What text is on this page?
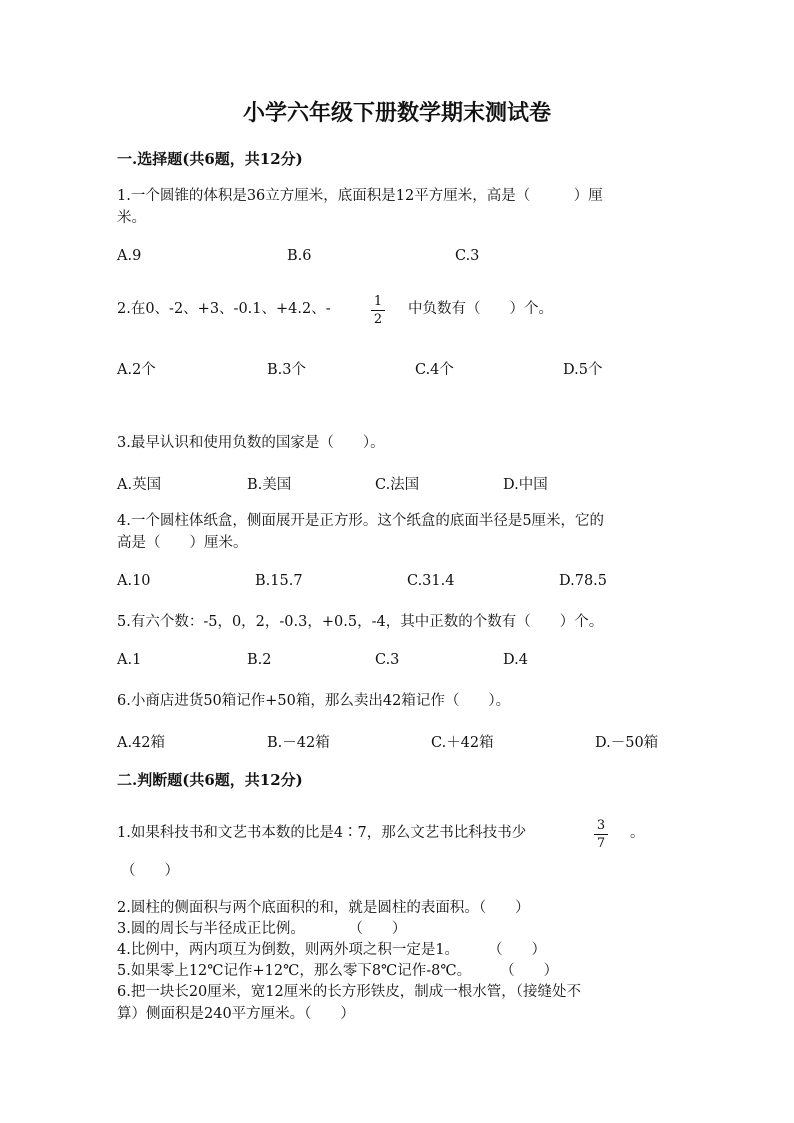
小学六年级下册数学期末测试卷
一.选择题(共6题，共12分)
1.一个圆锥的体积是36立方厘米，底面积是12平方厘米，高是（　　　）厘
米。
A.9	B.6	C.3
2.在0、-2、+3、-0.1、+4.2、-	$\frac{1}{2}$ 中负数有（　　）个。
A.2个	B.3个	C.4个	D.5个
3.最早认识和使用负数的国家是（　　）。
A.英国	B.美国	C.法国	D.中国
4.一个圆柱体纸盒，侧面展开是正方形。这个纸盒的底面半径是5厘米，它的
高是（　　）厘米。
A.10	B.15.7	C.31.4	D.78.5
5.有六个数：-5，0，2，-0.3，+0.5，-4，其中正数的个数有（　　）个。
A.1	B.2	C.3	D.4
6.小商店进货50箱记作+50箱，那么卖出42箱记作（　　）。
A.42箱	B.－42箱	C.＋42箱	D.－50箱
二.判断题(共6题，共12分)
1.如果科技书和文艺书本数的比是4∶7，那么文艺书比科技书少	$\frac{3}{7}$ 。
（　　）
2.圆柱的侧面积与两个底面积的和，就是圆柱的表面积。（　　）
3.圆的周长与半径成正比例。　　　　（　　）
4.比例中，两内项互为倒数，则两外项之积一定是1。　　　（　　）
5.如果零上12℃记作+12℃，那么零下8℃记作-8℃。　　　（　　）
6.把一块长20厘米，宽12厘米的长方形铁皮，制成一根水管，（接缝处不
算）侧面积是240平方厘米。（　　）
